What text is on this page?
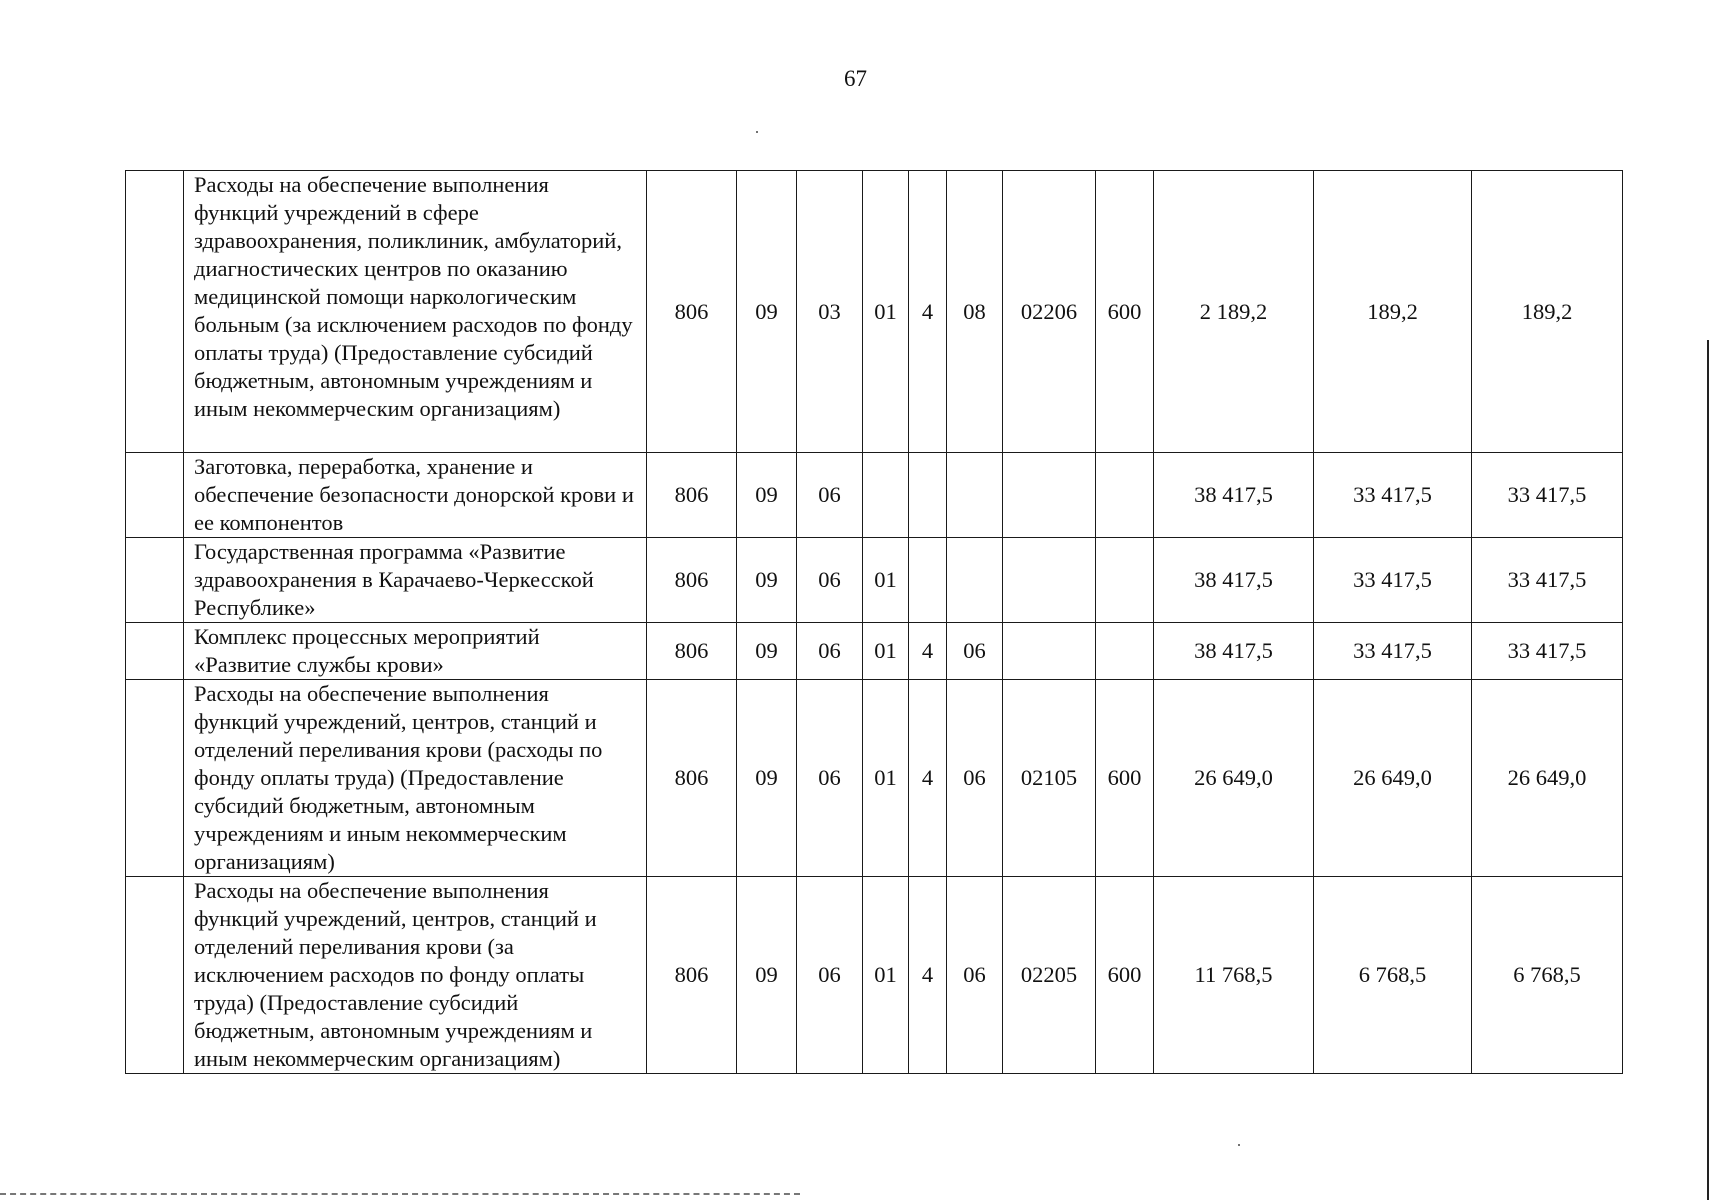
67
	Расходы на обеспечение выполнения функций учреждений в сфере здравоохранения, поликлиник, амбулаторий, диагностических центров по оказанию медицинской помощи наркологическим больным (за исключением расходов по фонду оплаты труда) (Предоставление субсидий бюджетным, автономным учреждениям и иным некоммерческим организациям)	806	09	03	01	4	08	02206	600	2 189,2	189,2	189,2
	Заготовка, переработка, хранение и обеспечение безопасности донорской крови и ее компонентов	806	09	06						38 417,5	33 417,5	33 417,5
	Государственная программа «Развитие здравоохранения в Карачаево-Черкесской Республике»	806	09	06	01					38 417,5	33 417,5	33 417,5
	Комплекс процессных мероприятий «Развитие службы крови»	806	09	06	01	4	06			38 417,5	33 417,5	33 417,5
	Расходы на обеспечение выполнения функций учреждений, центров, станций и отделений переливания крови (расходы по фонду оплаты труда) (Предоставление субсидий бюджетным, автономным учреждениям и иным некоммерческим организациям)	806	09	06	01	4	06	02105	600	26 649,0	26 649,0	26 649,0
	Расходы на обеспечение выполнения функций учреждений, центров, станций и отделений переливания крови (за исключением расходов по фонду оплаты труда) (Предоставление субсидий бюджетным, автономным учреждениям и иным некоммерческим организациям)	806	09	06	01	4	06	02205	600	11 768,5	6 768,5	6 768,5
